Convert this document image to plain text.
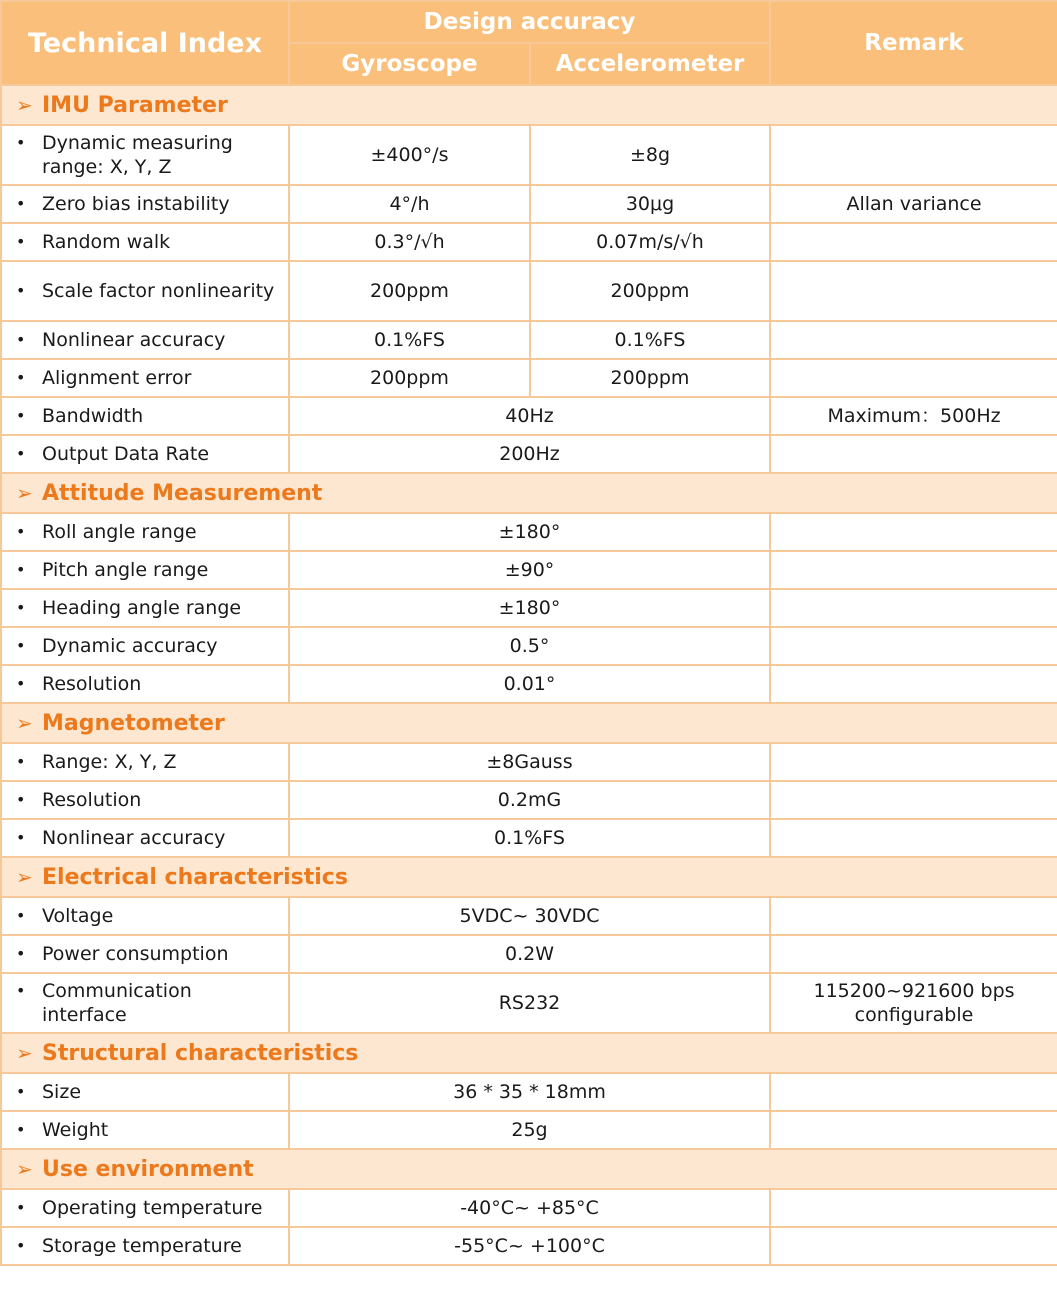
Technical Index	Design accuracy		Remark
	Gyroscope	Accelerometer	
➢ IMU Parameter			
• Dynamic measuring range: X, Y, Z	±400°/s	±8g	
• Zero bias instability	4°/h	30μg	Allan variance
• Random walk	0.3°/√h	0.07m/s/√h	
• Scale factor nonlinearity	200ppm	200ppm	
• Nonlinear accuracy	0.1%FS	0.1%FS	
• Alignment error	200ppm	200ppm	
• Bandwidth	40Hz		Maximum：500Hz
• Output Data Rate	200Hz		
➢ Attitude Measurement			
• Roll angle range	±180°		
• Pitch angle range	±90°		
• Heading angle range	±180°		
• Dynamic accuracy	0.5°		
• Resolution	0.01°		
➢ Magnetometer			
• Range: X, Y, Z	±8Gauss		
• Resolution	0.2mG		
• Nonlinear accuracy	0.1%FS		
➢ Electrical characteristics			
• Voltage	5VDC~ 30VDC		
• Power consumption	0.2W		
• Communication interface	RS232		115200~921600 bps configurable
➢ Structural characteristics			
• Size	36 * 35 * 18mm		
• Weight	25g		
➢ Use environment			
• Operating temperature	-40°C~ +85°C		
• Storage temperature	-55°C~ +100°C		
